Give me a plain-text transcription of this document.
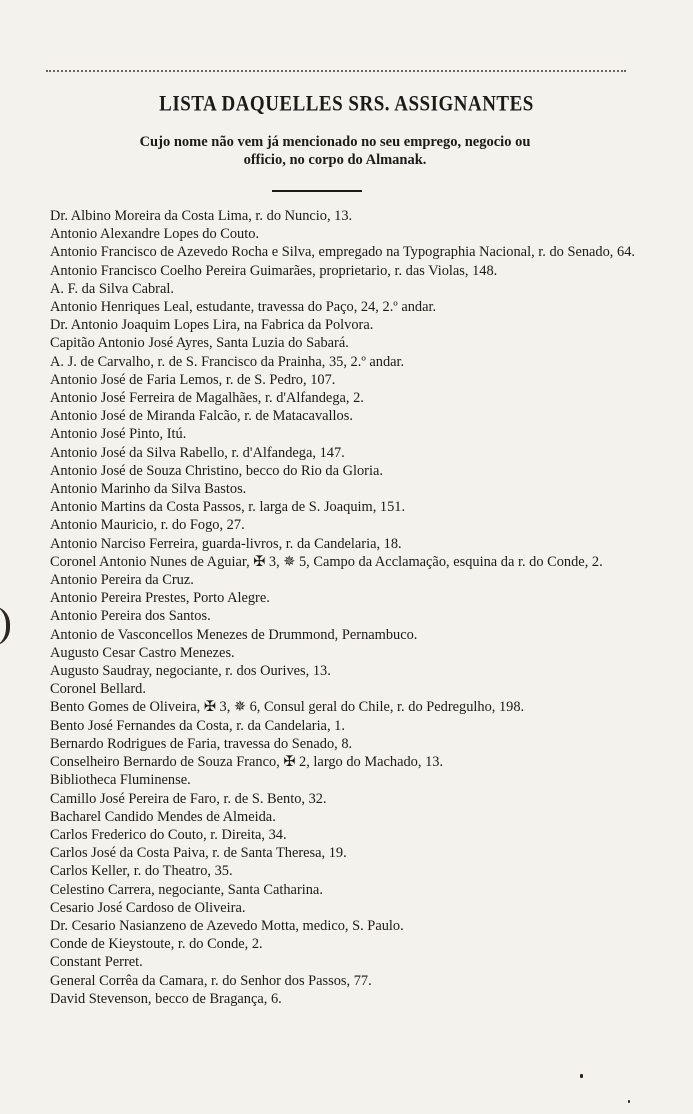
LISTA DAQUELLES SRS. ASSIGNANTES
Cujo nome não vem já mencionado no seu emprego, negocio ou
officio, no corpo do Almanak.
Dr. Albino Moreira da Costa Lima, r. do Nuncio, 13.
Antonio Alexandre Lopes do Couto.
Antonio Francisco de Azevedo Rocha e Silva, empregado na Typographia Nacional, r. do Senado, 64.
Antonio Francisco Coelho Pereira Guimarães, proprietario, r. das Violas, 148.
A. F. da Silva Cabral.
Antonio Henriques Leal, estudante, travessa do Paço, 24, 2.º andar.
Dr. Antonio Joaquim Lopes Lira, na Fabrica da Polvora.
Capitão Antonio José Ayres, Santa Luzia do Sabará.
A. J. de Carvalho, r. de S. Francisco da Prainha, 35, 2.º andar.
Antonio José de Faria Lemos, r. de S. Pedro, 107.
Antonio José Ferreira de Magalhães, r. d'Alfandega, 2.
Antonio José de Miranda Falcão, r. de Matacavallos.
Antonio José Pinto, Itú.
Antonio José da Silva Rabello, r. d'Alfandega, 147.
Antonio José de Souza Christino, becco do Rio da Gloria.
Antonio Marinho da Silva Bastos.
Antonio Martins da Costa Passos, r. larga de S. Joaquim, 151.
Antonio Mauricio, r. do Fogo, 27.
Antonio Narciso Ferreira, guarda-livros, r. da Candelaria, 18.
Coronel Antonio Nunes de Aguiar, ✠ 3, ✵ 5, Campo da Acclamação, esquina da r. do Conde, 2.
Antonio Pereira da Cruz.
Antonio Pereira Prestes, Porto Alegre.
Antonio Pereira dos Santos.
Antonio de Vasconcellos Menezes de Drummond, Pernambuco.
Augusto Cesar Castro Menezes.
Augusto Saudray, negociante, r. dos Ourives, 13.
Coronel Bellard.
Bento Gomes de Oliveira, ✠ 3, ✵ 6, Consul geral do Chile, r. do Pedregulho, 198.
Bento José Fernandes da Costa, r. da Candelaria, 1.
Bernardo Rodrigues de Faria, travessa do Senado, 8.
Conselheiro Bernardo de Souza Franco, ✠ 2, largo do Machado, 13.
Bibliotheca Fluminense.
Camillo José Pereira de Faro, r. de S. Bento, 32.
Bacharel Candido Mendes de Almeida.
Carlos Frederico do Couto, r. Direita, 34.
Carlos José da Costa Paiva, r. de Santa Theresa, 19.
Carlos Keller, r. do Theatro, 35.
Celestino Carrera, negociante, Santa Catharina.
Cesario José Cardoso de Oliveira.
Dr. Cesario Nasianzeno de Azevedo Motta, medico, S. Paulo.
Conde de Kieystoute, r. do Conde, 2.
Constant Perret.
General Corrêa da Camara, r. do Senhor dos Passos, 77.
David Stevenson, becco de Bragança, 6.
